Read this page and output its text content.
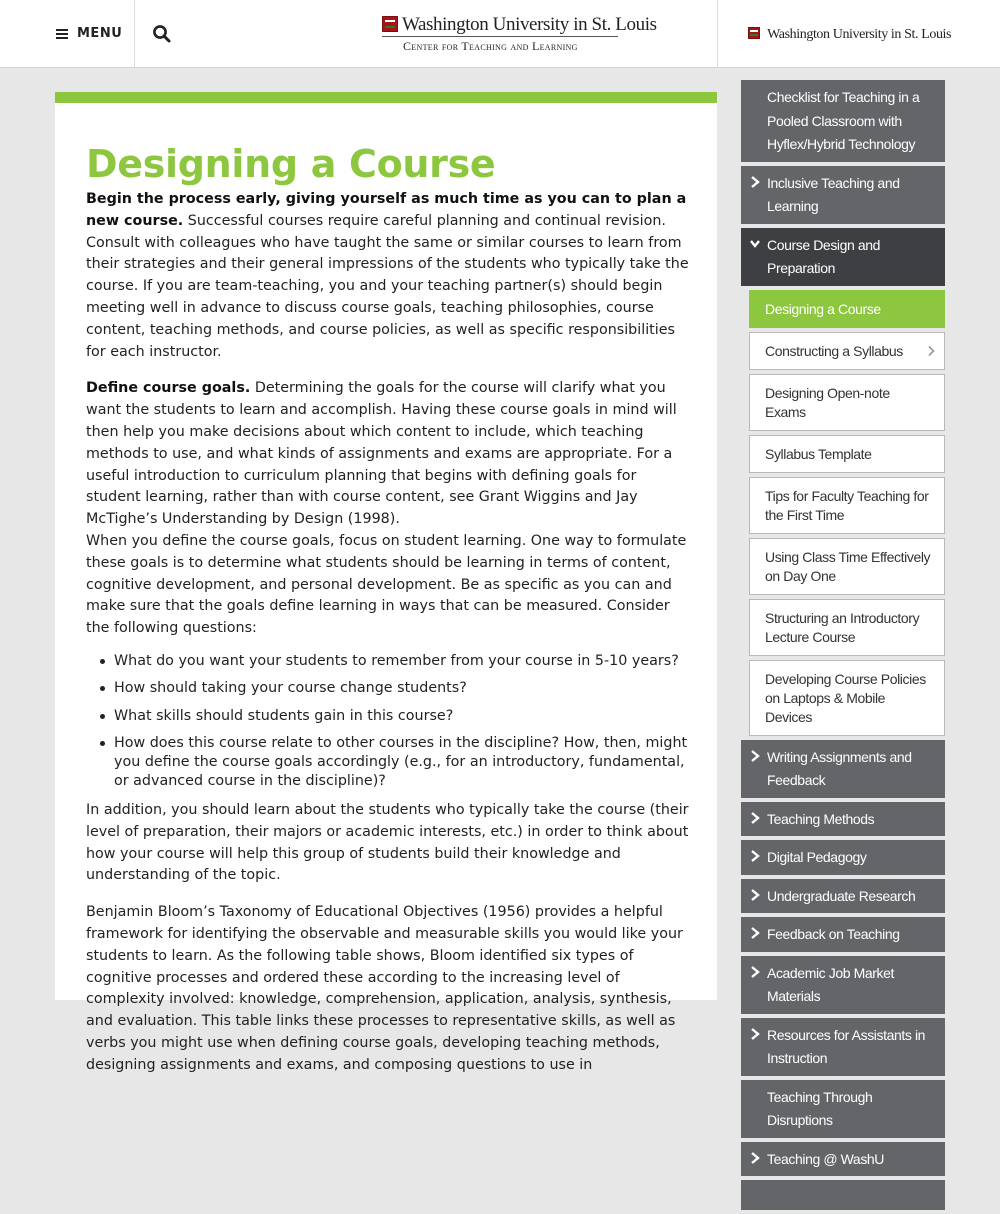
MENU	Washington University in St. Louis
Center for Teaching and Learning
Washington University in St. Louis
Designing a Course

Begin the process early, giving yourself as much time as you can to plan a new course. Successful courses require careful planning and continual revision. Consult with colleagues who have taught the same or similar courses to learn from their strategies and their general impressions of the students who typically take the course. If you are team-teaching, you and your teaching partner(s) should begin meeting well in advance to discuss course goals, teaching philosophies, course content, teaching methods, and course policies, as well as specific responsibilities for each instructor.

Define course goals. Determining the goals for the course will clarify what you want the students to learn and accomplish. Having these course goals in mind will then help you make decisions about which content to include, which teaching methods to use, and what kinds of assignments and exams are appropriate. For a useful introduction to curriculum planning that begins with defining goals for student learning, rather than with course content, see Grant Wiggins and Jay McTighe’s Understanding by Design (1998).

When you define the course goals, focus on student learning. One way to formulate these goals is to determine what students should be learning in terms of content, cognitive development, and personal development. Be as specific as you can and make sure that the goals define learning in ways that can be measured. Consider the following questions:

What do you want your students to remember from your course in 5-10 years?
How should taking your course change students?
What skills should students gain in this course?
How does this course relate to other courses in the discipline? How, then, might you define the course goals accordingly (e.g., for an introductory, fundamental, or advanced course in the discipline)?

In addition, you should learn about the students who typically take the course (their level of preparation, their majors or academic interests, etc.) in order to think about how your course will help this group of students build their knowledge and understanding of the topic.

Benjamin Bloom’s Taxonomy of Educational Objectives (1956) provides a helpful framework for identifying the observable and measurable skills you would like your students to learn. As the following table shows, Bloom identified six types of cognitive processes and ordered these according to the increasing level of complexity involved: knowledge, comprehension, application, analysis, synthesis, and evaluation. This table links these processes to representative skills, as well as verbs you might use when defining course goals, developing teaching methods, designing assignments and exams, and composing questions to use in

Checklist for Teaching in a Pooled Classroom with Hyflex/Hybrid Technology
Inclusive Teaching and Learning
Course Design and Preparation
Designing a Course
Constructing a Syllabus
Designing Open-note Exams
Syllabus Template
Tips for Faculty Teaching for the First Time
Using Class Time Effectively on Day One
Structuring an Introductory Lecture Course
Developing Course Policies on Laptops & Mobile Devices
Writing Assignments and Feedback
Teaching Methods
Digital Pedagogy
Undergraduate Research
Feedback on Teaching
Academic Job Market Materials
Resources for Assistants in Instruction
Teaching Through Disruptions
Teaching @ WashU
